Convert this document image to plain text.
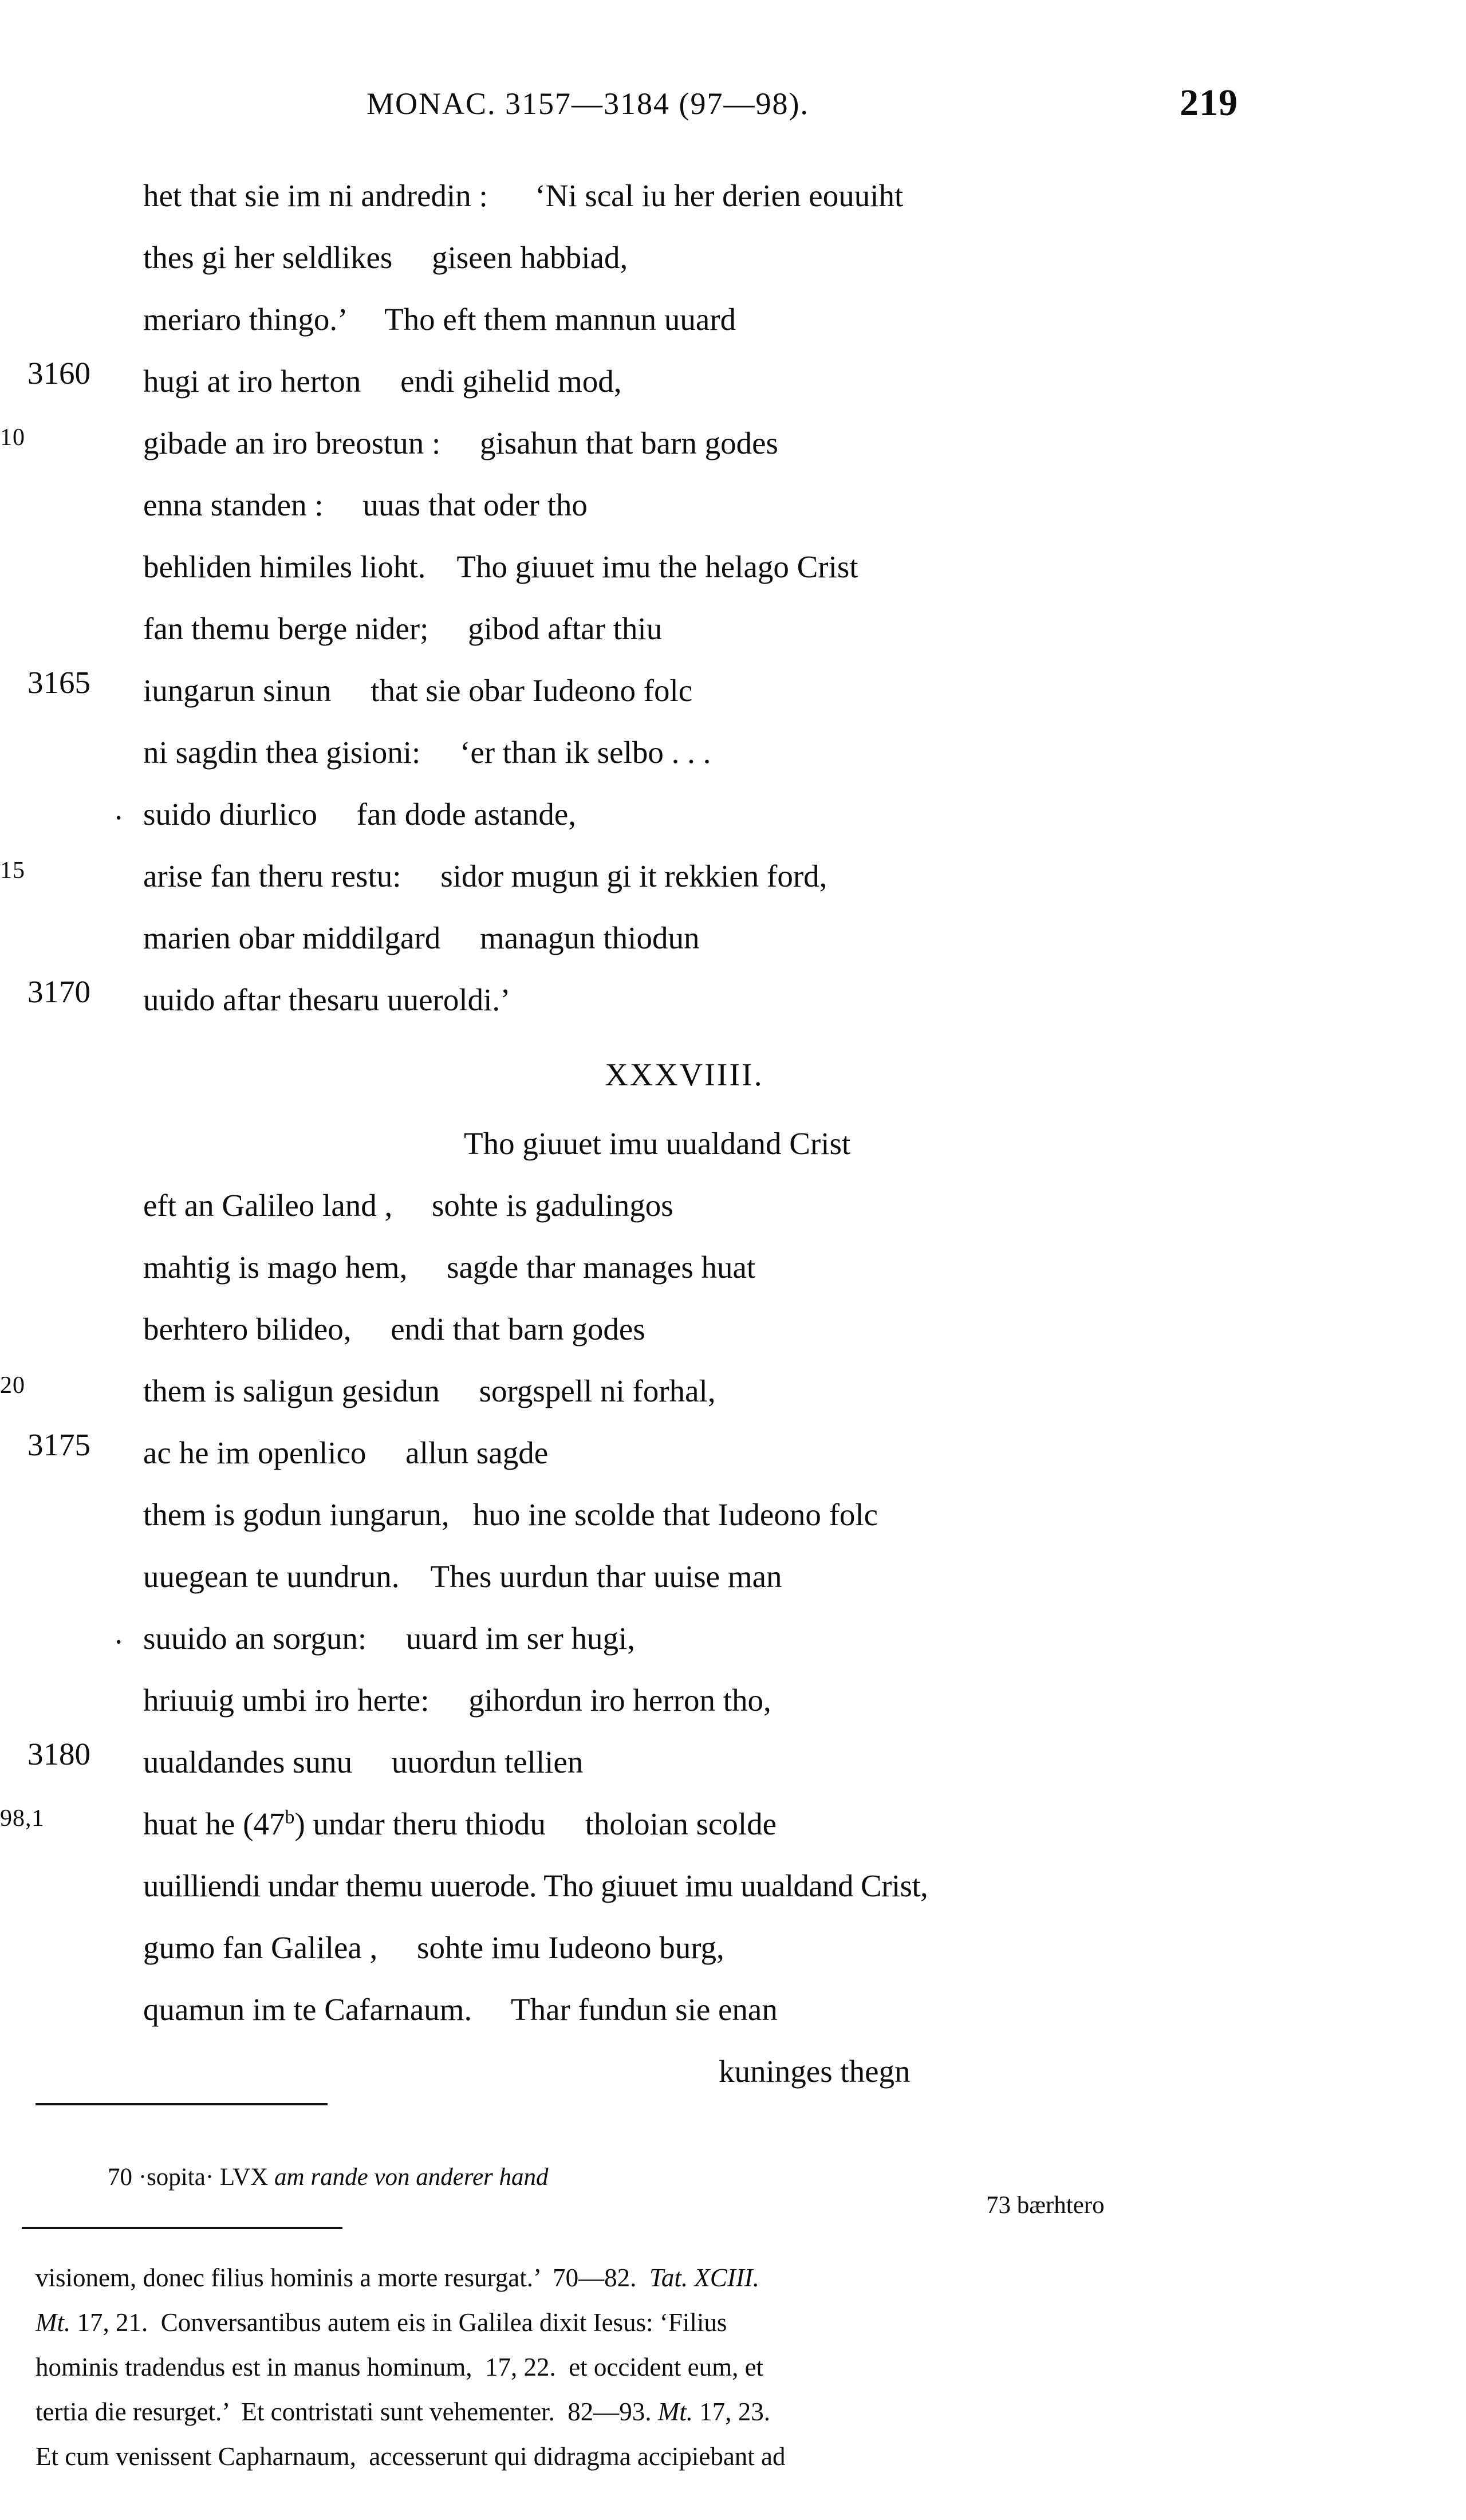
MONAC. 3157—3184 (97—98).	219
het that sie im ni andredin :      ‘Ni scal iu her derien eouuiht
thes gi her seldlikes     giseen habbiad,
meriaro thingo.’     Tho eft them mannun uuard
3160	hugi at iro herton     endi gihelid mod,
gibade an iro breostun :     gisahun that barn godes
10
enna standen :     uuas that oder tho
behliden himiles lioht.    Tho giuuet imu the helago Crist
fan themu berge nider;     gibod aftar thiu
3165	iungarun sinun     that sie obar Iudeono folc
ni sagdin thea gisioni:     ‘er than ik selbo . . .
· suido diurlico     fan dode astande,
arise fan theru restu:     sidor mugun gi it rekkien ford,
15
marien obar middilgard     managun thiodun
3170	uuido aftar thesaru uueroldi.’
XXXVIIII.
Tho giuuet imu uualdand Crist
eft an Galileo land ,     sohte is gadulingos
mahtig is mago hem,     sagde thar manages huat
berhtero bilideo,     endi that barn godes
them is saligun gesidun     sorgspell ni forhal,
20
3175	ac he im openlico     allun sagde
them is godun iungarun,   huo ine scolde that Iudeono folc
uuegean te uundrun.    Thes uurdun thar uuise man
· suuido an sorgun:     uuard im ser hugi,
hriuuig umbi iro herte:     gihordun iro herron tho,
3180	uualdandes sunu     uuordun tellien
huat he (47$^b$) undar theru thiodu     tholoian scolde
98,1
uuilliendi undar themu uuerode. Tho giuuet imu uualdand Crist,
gumo fan Galilea ,     sohte imu Iudeono burg,
quamun im te Cafarnaum.     Thar fundun sie enan
kuninges thegn

70 ·sopita· LVX am rande von anderer hand

73 bærhtero

visionem, donec filius hominis a morte resurgat.’  70—82.  Tat. XCIII.
Mt. 17, 21.  Conversantibus autem eis in Galilea dixit Iesus: ‘Filius
hominis tradendus est in manus hominum,  17, 22.  et occident eum, et
tertia die resurget.’  Et contristati sunt vehementer.  82—93. Mt. 17, 23.
Et cum venissent Capharnaum,  accesserunt qui didragma accipiebant ad
